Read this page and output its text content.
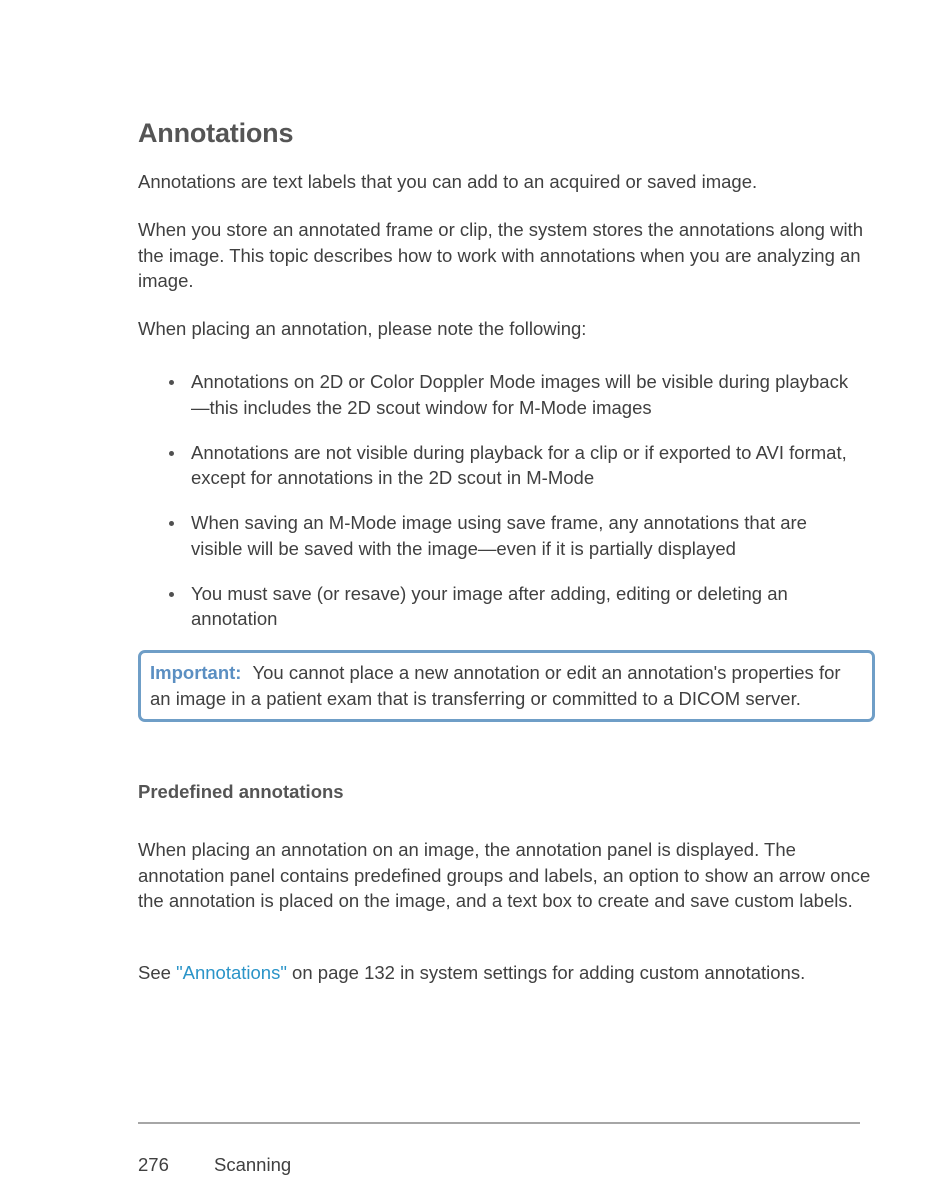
Annotations

Annotations are text labels that you can add to an acquired or saved image.

When you store an annotated frame or clip, the system stores the annotations along with the image. This topic describes how to work with annotations when you are analyzing an image.

When placing an annotation, please note the following:

Annotations on 2D or Color Doppler Mode images will be visible during playback—this includes the 2D scout window for M-Mode images
Annotations are not visible during playback for a clip or if exported to AVI format, except for annotations in the 2D scout in M-Mode
When saving an M-Mode image using save frame, any annotations that are visible will be saved with the image—even if it is partially displayed
You must save (or resave) your image after adding, editing or deleting an annotation
Important: You cannot place a new annotation or edit an annotation's properties for an image in a patient exam that is transferring or committed to a DICOM server.
Predefined annotations

When placing an annotation on an image, the annotation panel is displayed. The annotation panel contains predefined groups and labels, an option to show an arrow once the annotation is placed on the image, and a text box to create and save custom labels.

See "Annotations" on page 132 in system settings for adding custom annotations.

276 Scanning
